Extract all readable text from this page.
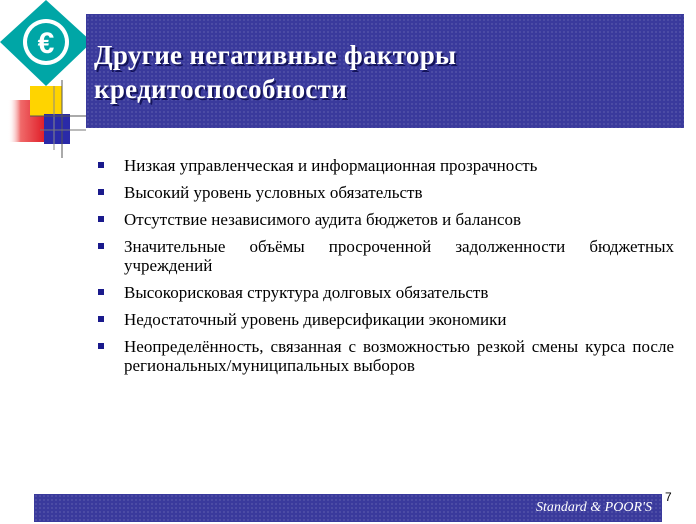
€ Другие негативные факторы
кредитоспособности
Низкая управленческая и информационная прозрачность
Высокий уровень условных обязательств
Отсутствие независимого аудита бюджетов и балансов
Значительные объёмы просроченной задолженности бюджетных учреждений
Высокорисковая структура долговых обязательств
Недостаточный уровень диверсификации экономики
Неопределённость, связанная с возможностью резкой смены курса после региональных/муниципальных выборов
Standard & POOR'S
7
